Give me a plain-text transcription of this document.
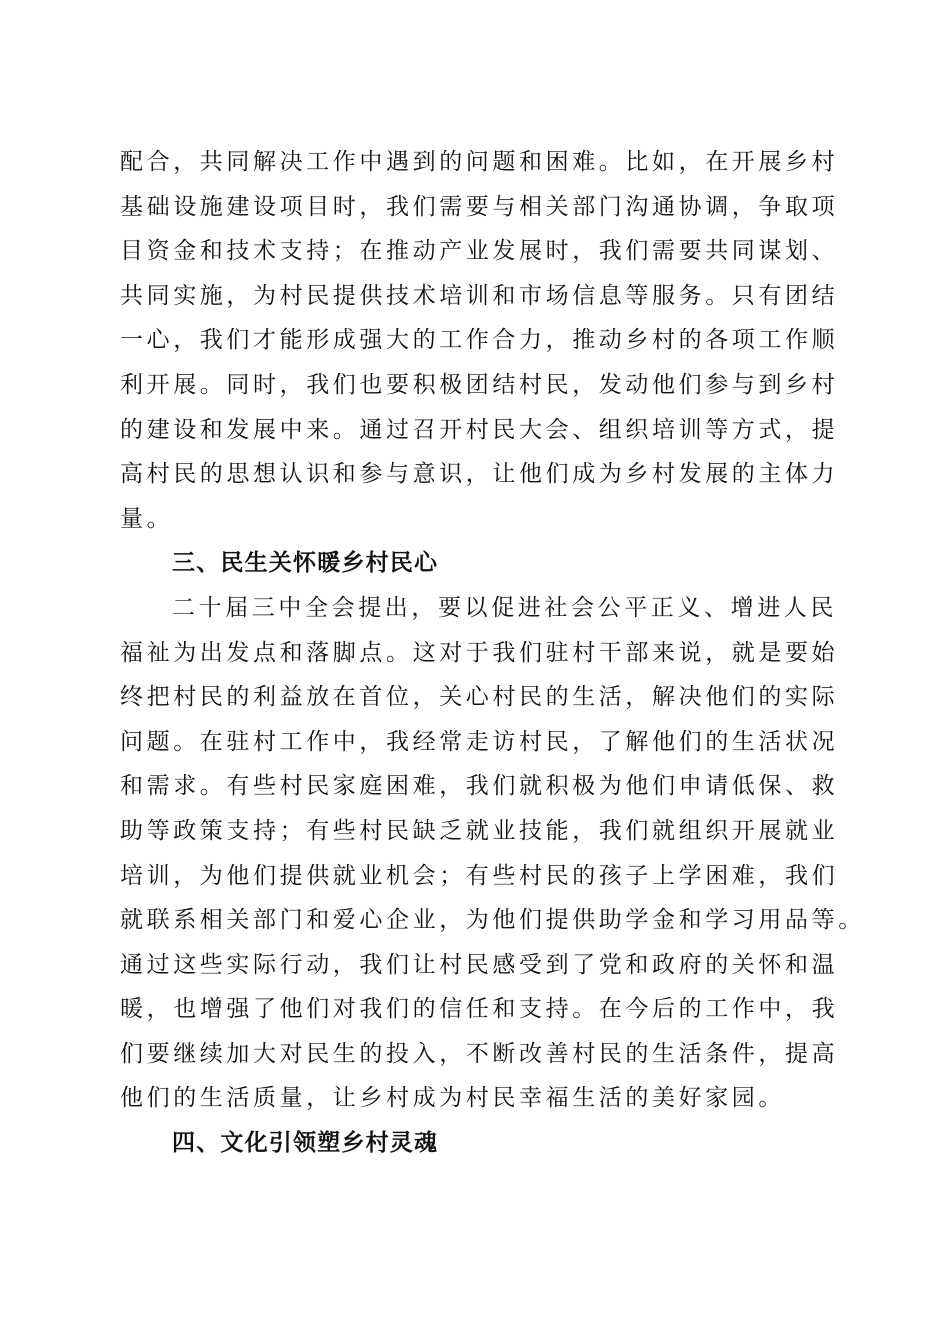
配合，共同解决工作中遇到的问题和困难。比如，在开展乡村
基础设施建设项目时，我们需要与相关部门沟通协调，争取项
目资金和技术支持；在推动产业发展时，我们需要共同谋划、
共同实施，为村民提供技术培训和市场信息等服务。只有团结
一心，我们才能形成强大的工作合力，推动乡村的各项工作顺
利开展。同时，我们也要积极团结村民，发动他们参与到乡村
的建设和发展中来。通过召开村民大会、组织培训等方式，提
高村民的思想认识和参与意识，让他们成为乡村发展的主体力
量。
三、民生关怀暖乡村民心
二十届三中全会提出，要以促进社会公平正义、增进人民
福祉为出发点和落脚点。这对于我们驻村干部来说，就是要始
终把村民的利益放在首位，关心村民的生活，解决他们的实际
问题。在驻村工作中，我经常走访村民，了解他们的生活状况
和需求。有些村民家庭困难，我们就积极为他们申请低保、救
助等政策支持；有些村民缺乏就业技能，我们就组织开展就业
培训，为他们提供就业机会；有些村民的孩子上学困难，我们
就联系相关部门和爱心企业，为他们提供助学金和学习用品等。
通过这些实际行动，我们让村民感受到了党和政府的关怀和温
暖，也增强了他们对我们的信任和支持。在今后的工作中，我
们要继续加大对民生的投入，不断改善村民的生活条件，提高
他们的生活质量，让乡村成为村民幸福生活的美好家园。
四、文化引领塑乡村灵魂
